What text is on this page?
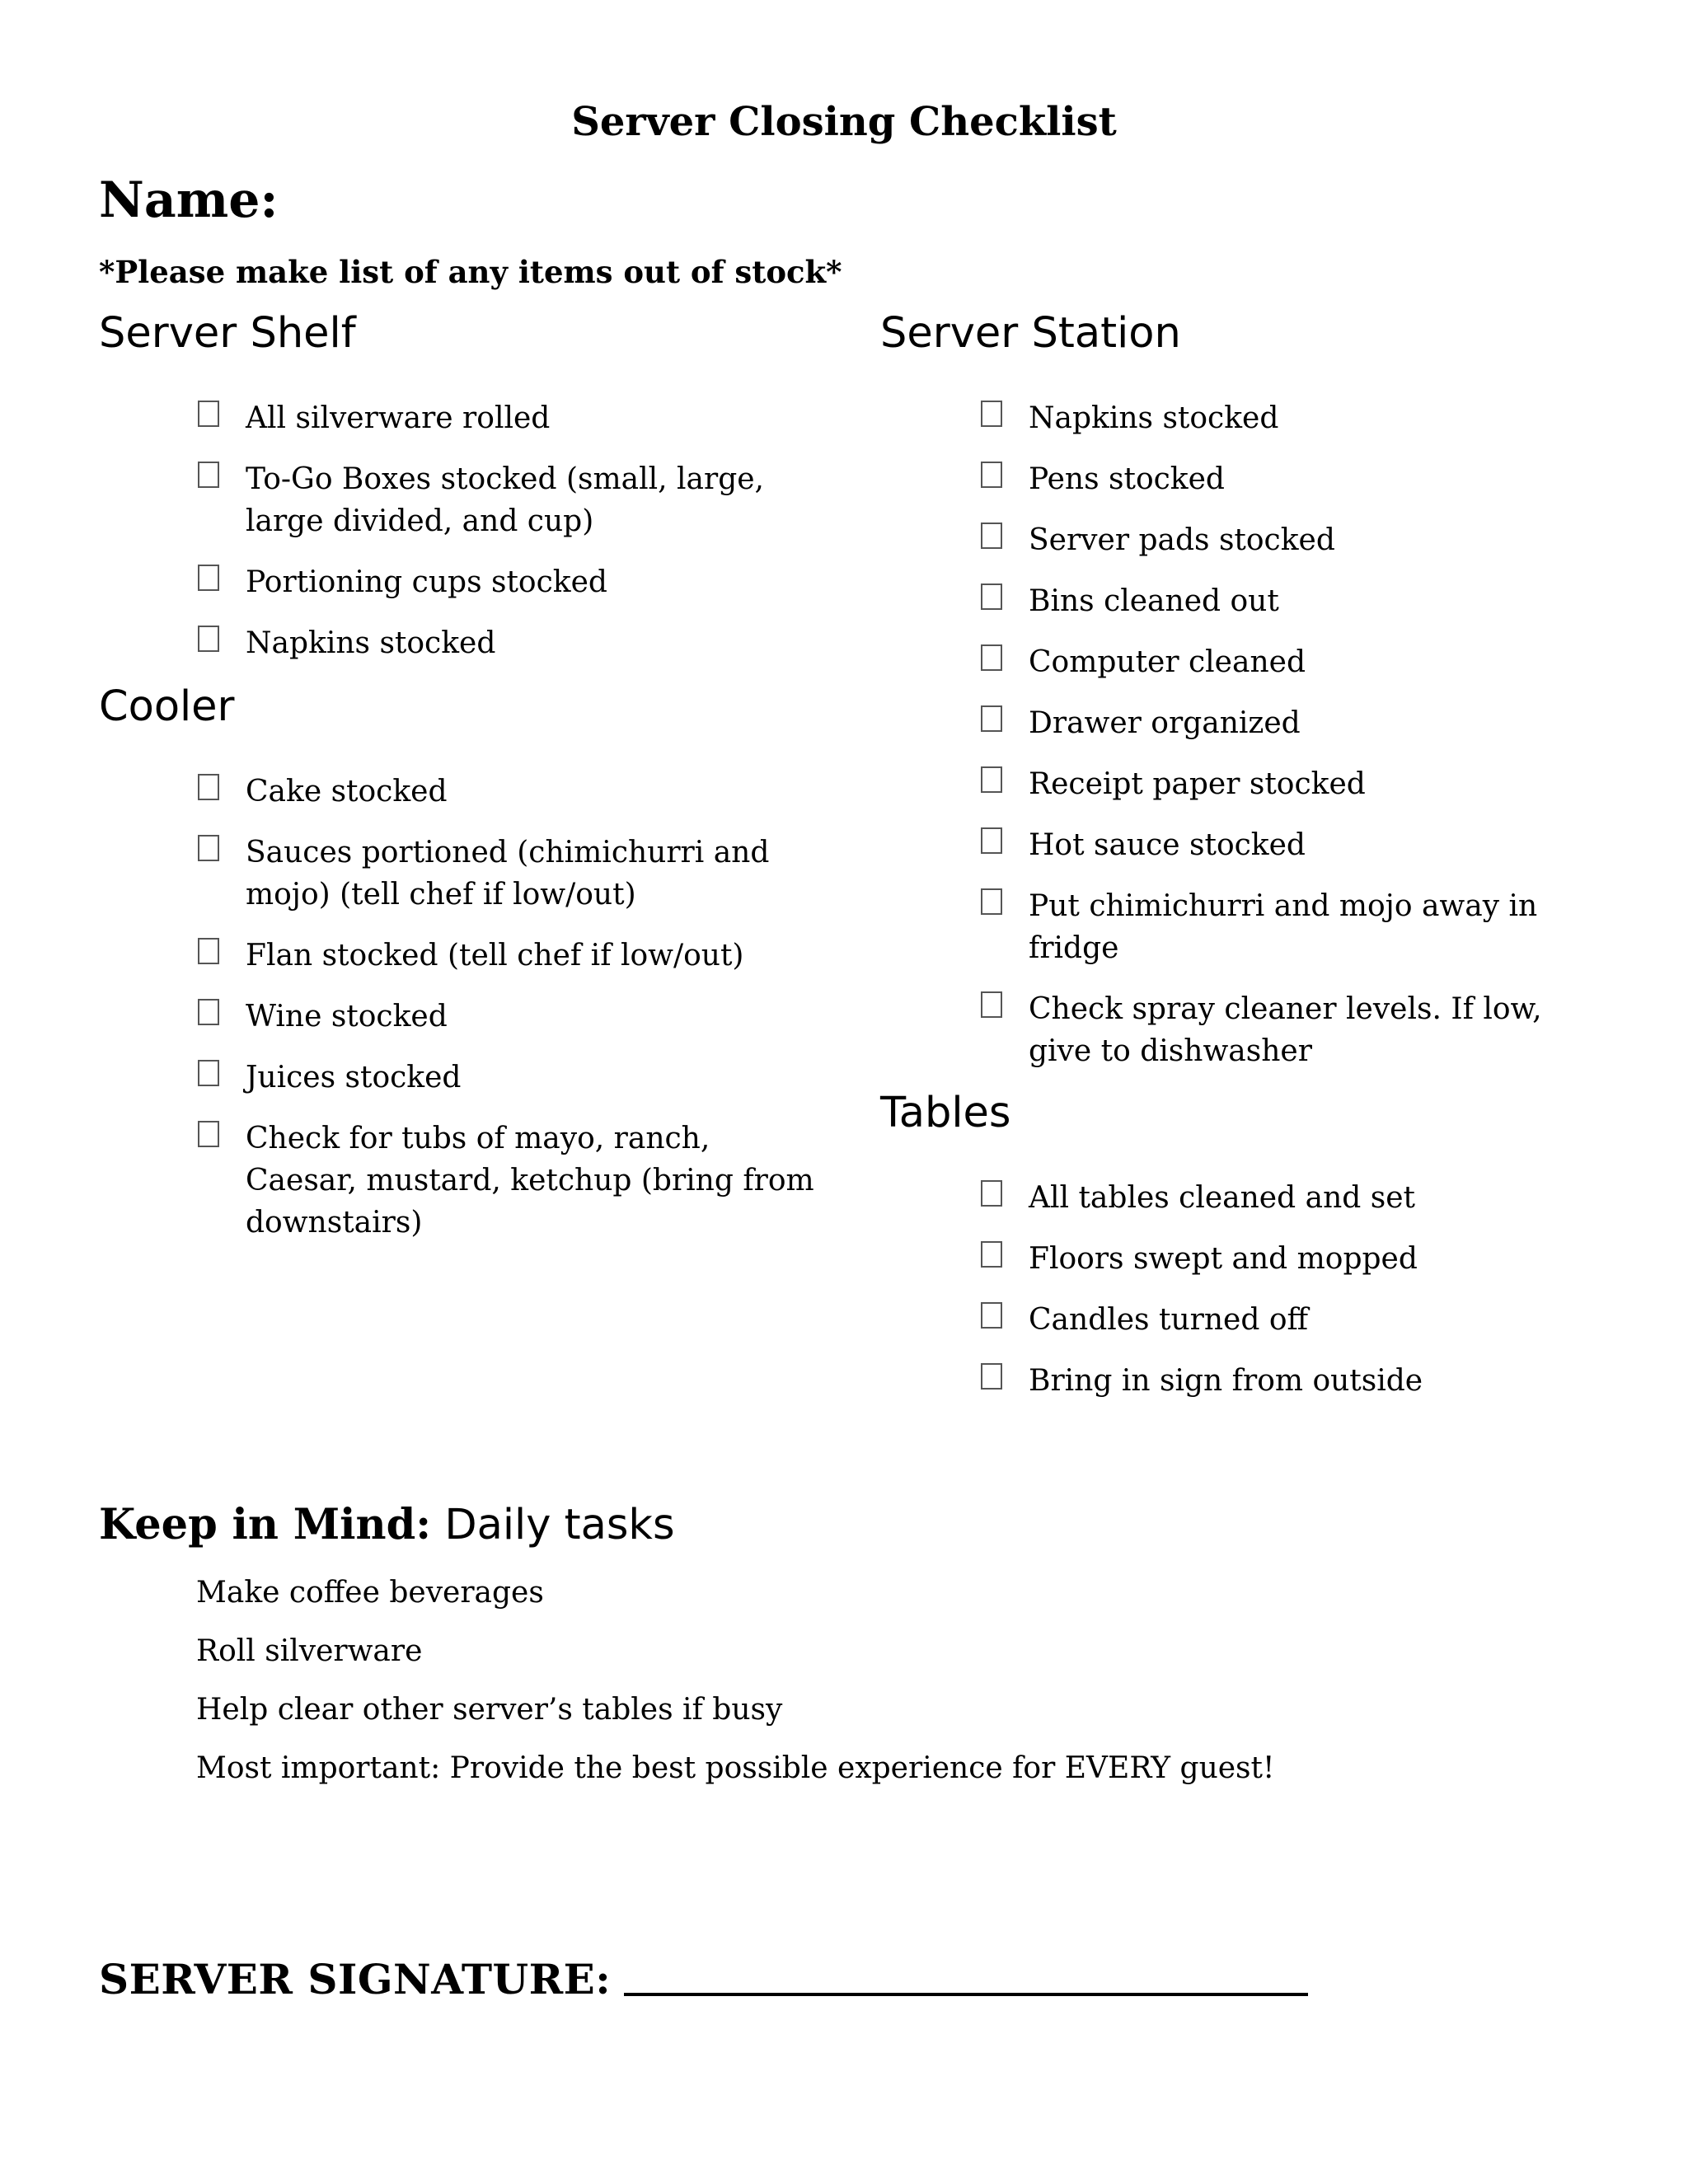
Server Closing Checklist
Name:
*Please make list of any items out of stock*
Server Shelf
All silverware rolled
To-Go Boxes stocked (small, large, large divided, and cup)
Portioning cups stocked
Napkins stocked
Cooler
Cake stocked
Sauces portioned (chimichurri and mojo) (tell chef if low/out)
Flan stocked (tell chef if low/out)
Wine stocked
Juices stocked
Check for tubs of mayo, ranch, Caesar, mustard, ketchup (bring from downstairs)
Server Station
Napkins stocked
Pens stocked
Server pads stocked
Bins cleaned out
Computer cleaned
Drawer organized
Receipt paper stocked
Hot sauce stocked
Put chimichurri and mojo away in fridge
Check spray cleaner levels. If low, give to dishwasher
Tables
All tables cleaned and set
Floors swept and mopped
Candles turned off
Bring in sign from outside
Keep in Mind: Daily tasks
Make coffee beverages
Roll silverware
Help clear other server’s tables if busy
Most important: Provide the best possible experience for EVERY guest!
SERVER SIGNATURE:
